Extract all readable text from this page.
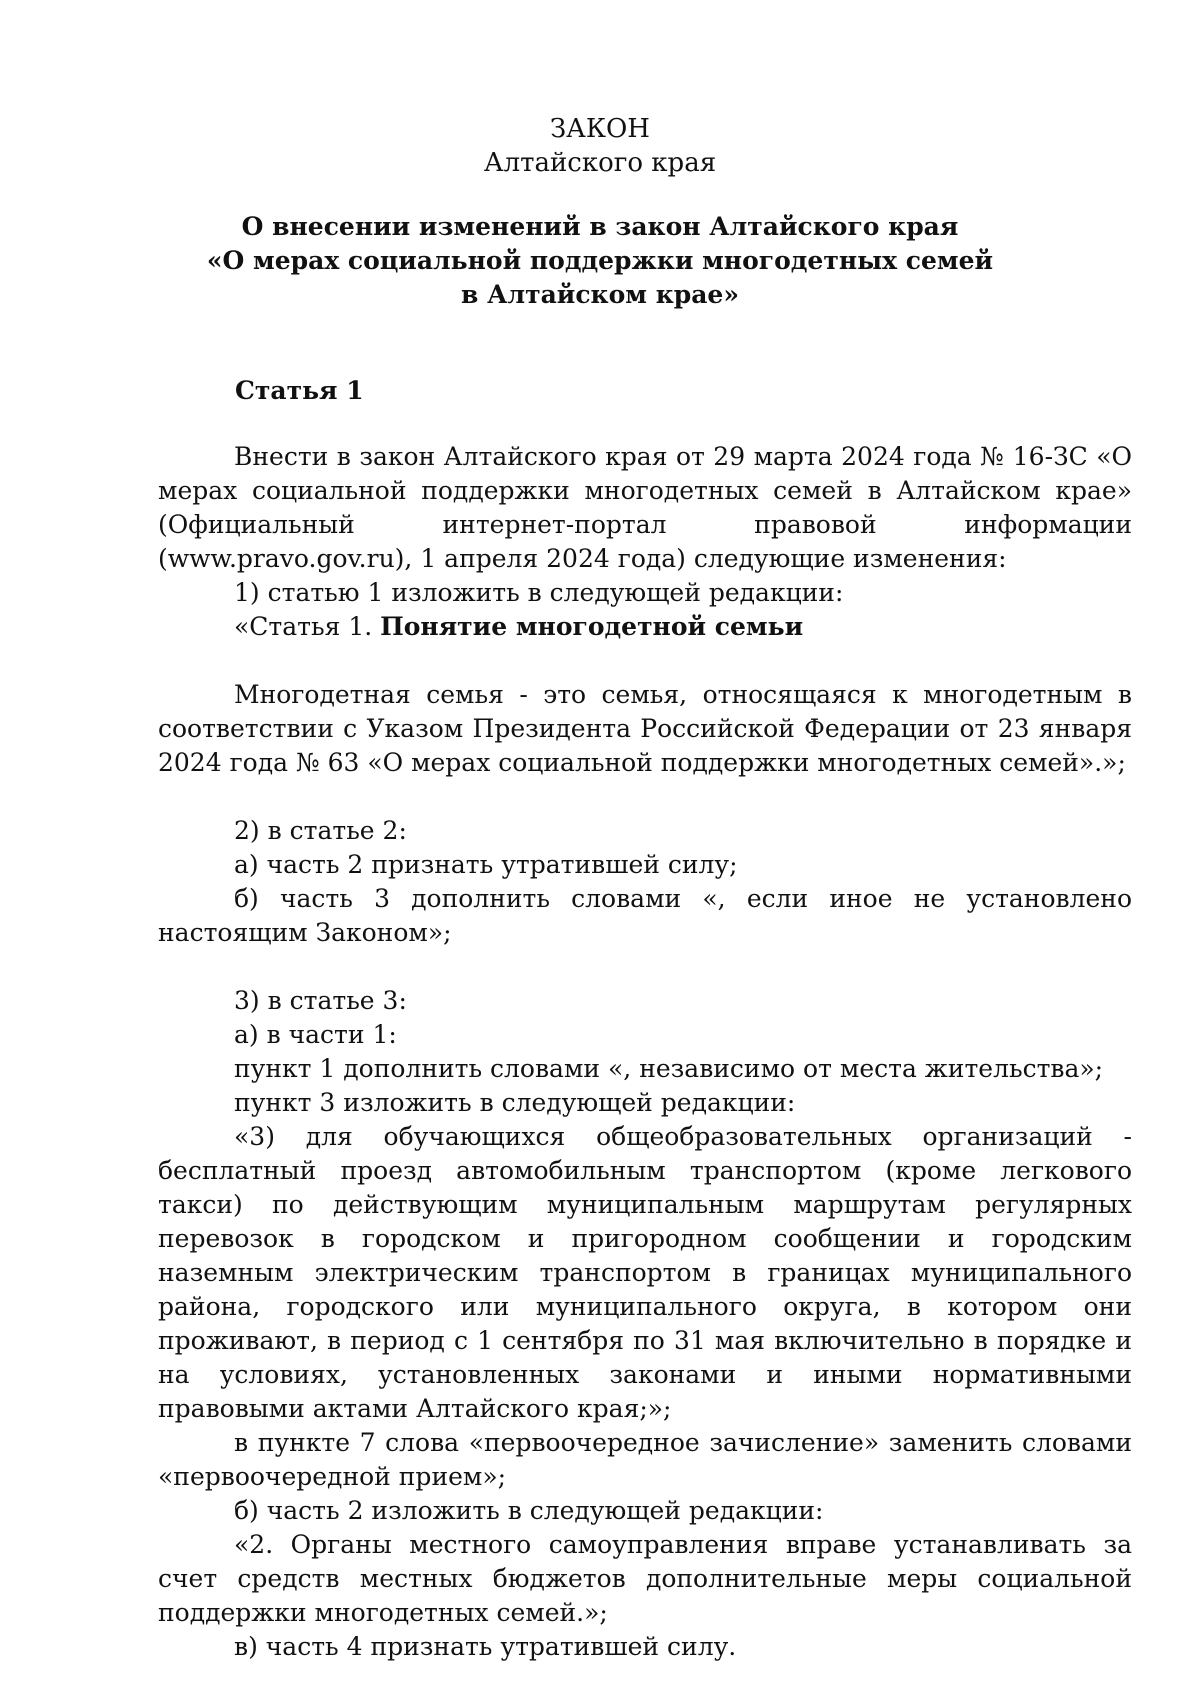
ЗАКОН

Алтайского края

О внесении изменений в закон Алтайского края
«О мерах социальной поддержки многодетных семей
в Алтайском крае»

Статья 1

Внести в закон Алтайского края от 29 марта 2024 года № 16-ЗС «О мерах социальной поддержки многодетных семей в Алтайском крае» (Официальный интернет-портал правовой информации (www.pravo.gov.ru), 1 апреля 2024 года) следующие изменения:

1) статью 1 изложить в следующей редакции:

«Статья 1. Понятие многодетной семьи

Многодетная семья - это семья, относящаяся к многодетным в соответствии с Указом Президента Российской Федерации от 23 января 2024 года № 63 «О мерах социальной поддержки многодетных семей».»;

2) в статье 2:

а) часть 2 признать утратившей силу;

б) часть 3 дополнить словами «, если иное не установлено настоящим Законом»;

3) в статье 3:

а) в части 1:

пункт 1 дополнить словами «, независимо от места жительства»;

пункт 3 изложить в следующей редакции:

«3) для обучающихся общеобразовательных организаций - бесплатный проезд автомобильным транспортом (кроме легкового такси) по действующим муниципальным маршрутам регулярных перевозок в городском и пригородном сообщении и городским наземным электрическим транспортом в границах муниципального района, городского или муниципального округа, в котором они проживают, в период с 1 сентября по 31 мая включительно в порядке и на условиях, установленных законами и иными нормативными правовыми актами Алтайского края;»;

в пункте 7 слова «первоочередное зачисление» заменить словами «первоочередной прием»;

б) часть 2 изложить в следующей редакции:

«2. Органы местного самоуправления вправе устанавливать за счет средств местных бюджетов дополнительные меры социальной поддержки многодетных семей.»;

в) часть 4 признать утратившей силу.
